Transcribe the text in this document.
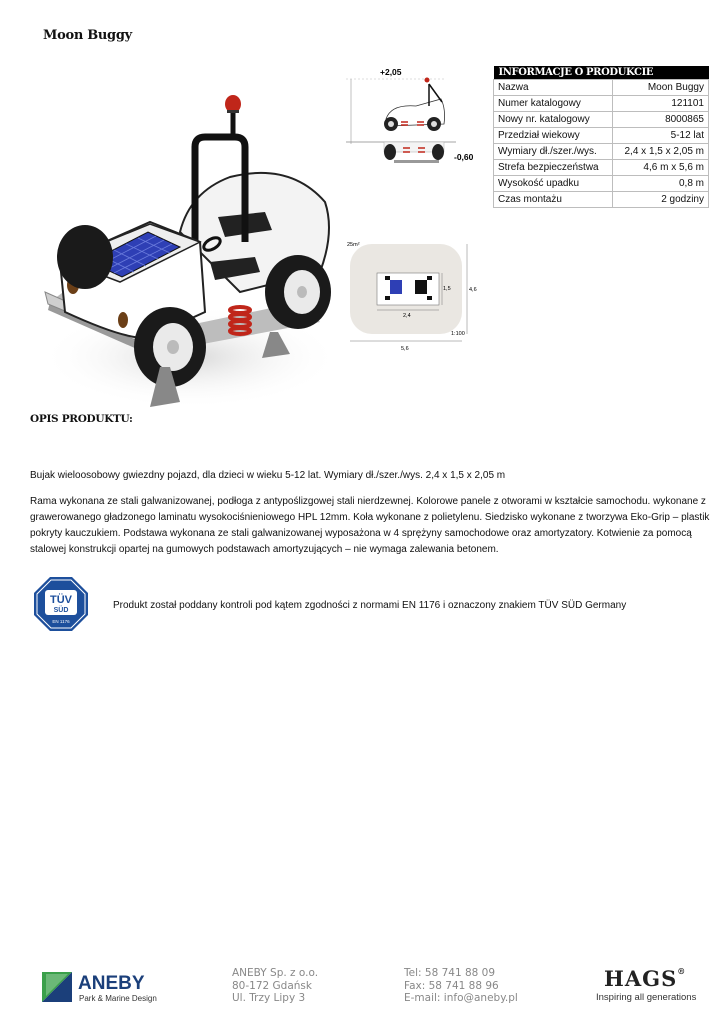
Moon Buggy
+2,05
-0,60
25m²
2,4
1,5	4,6
1:100
5,6
INFORMACJE O PRODUKCIE	
Nazwa	Moon Buggy
Numer katalogowy	121101
Nowy nr. katalogowy	8000865
Przedział wiekowy	5-12 lat
Wymiary dł./szer./wys.	2,4 x 1,5 x 2,05 m
Strefa bezpieczeństwa	4,6 m x 5,6 m
Wysokość upadku	0,8 m
Czas montażu	2 godziny
OPIS PRODUKTU:
Bujak wieloosobowy gwiezdny pojazd, dla dzieci w wieku 5-12 lat. Wymiary dł./szer./wys. 2,4 x 1,5 x 2,05 m
Rama wykonana ze stali galwanizowanej, podłoga z antypoślizgowej stali nierdzewnej. Kolorowe panele z otworami w kształcie samochodu. wykonane z grawerowanego gładzonego laminatu wysokociśnieniowego HPL 12mm. Koła wykonane z polietylenu. Siedzisko wykonane z tworzywa Eko-Grip – plastik pokryty kauczukiem. Podstawa wykonana ze stali galwanizowanej wyposażona w 4 sprężyny samochodowe oraz amortyzatory. Kotwienie za pomocą stalowej konstrukcji opartej na gumowych podstawach amortyzujących – nie wymaga zalewania betonem.
TÜV
SÜD
EN 1176
Produkt został poddany kontroli pod kątem zgodności z normami EN 1176 i oznaczony znakiem TÜV SÜD Germany
ANEBY
Park & Marine Design
ANEBY Sp. z o.o.
80-172 Gdańsk
Ul. Trzy Lipy 3
Tel: 58 741 88 09
Fax: 58 741 88 96
E-mail: info@aneby.pl
HAGS®
Inspiring all generations
